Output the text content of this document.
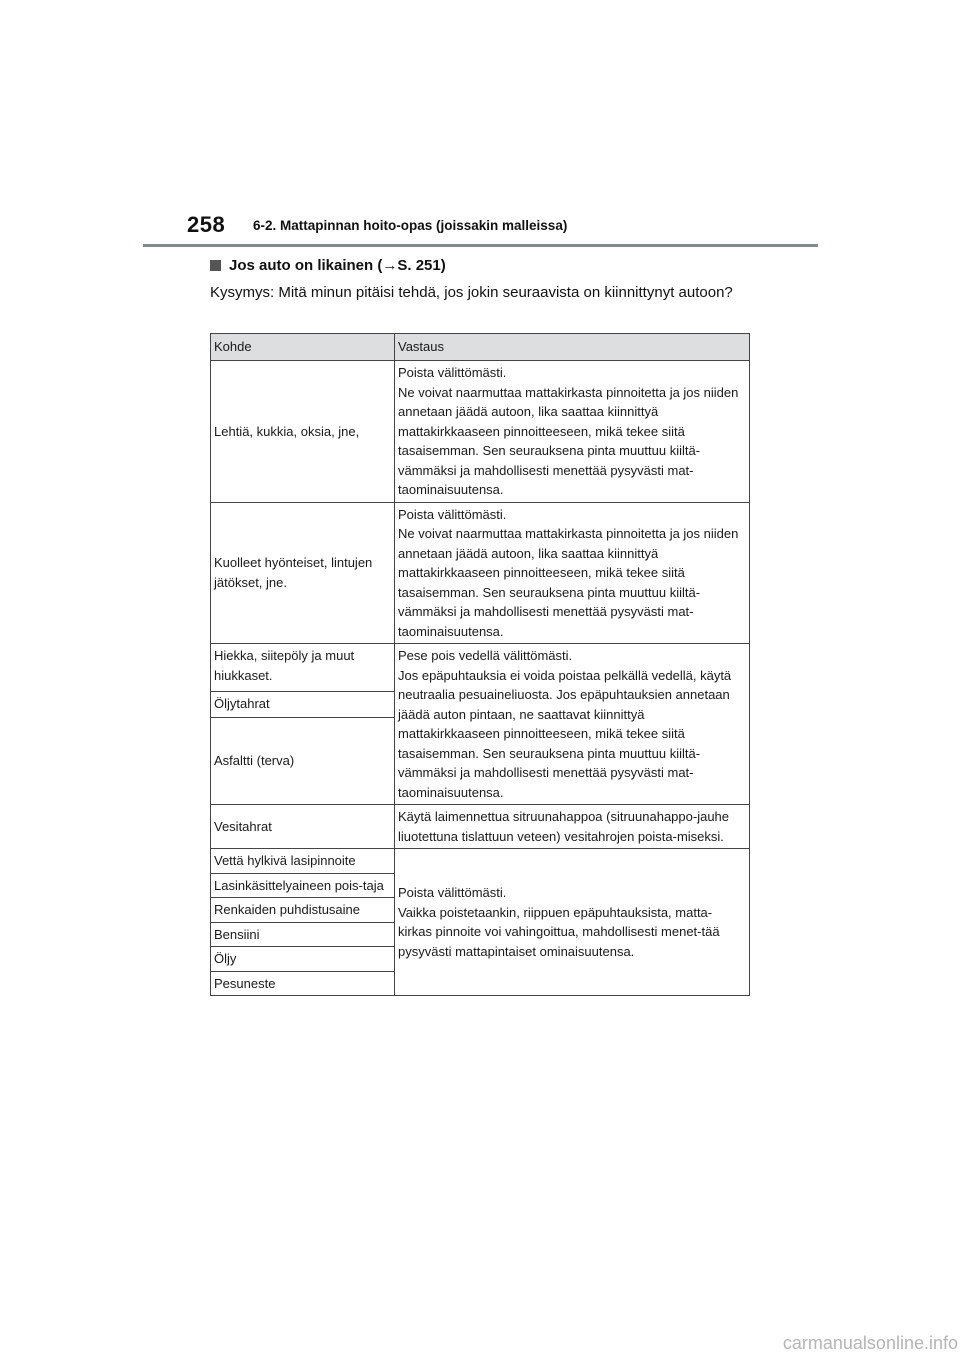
258 6-2. Mattapinnan hoito-opas (joissakin malleissa)
Jos auto on likainen (→S. 251)
Kysymys: Mitä minun pitäisi tehdä, jos jokin seuraavista on kiinnittynyt autoon?
Kohde	Vastaus
Lehtiä, kukkia, oksia, jne,	Poista välittömästi.
Ne voivat naarmuttaa mattakirkasta pinnoitetta ja jos niiden annetaan jäädä autoon, lika saattaa kiinnittyä mattakirkkaaseen pinnoitteeseen, mikä tekee siitä tasaisemman. Sen seurauksena pinta muuttuu kiiltä-vämmäksi ja mahdollisesti menettää pysyvästi mat-taominaisuutensa.

Kuolleet hyönteiset, lintujen jätökset, jne.	Poista välittömästi.
Ne voivat naarmuttaa mattakirkasta pinnoitetta ja jos niiden annetaan jäädä autoon, lika saattaa kiinnittyä mattakirkkaaseen pinnoitteeseen, mikä tekee siitä tasaisemman. Sen seurauksena pinta muuttuu kiiltä-vämmäksi ja mahdollisesti menettää pysyvästi mat-taominaisuutensa.

Hiekka, siitepöly ja muut hiukkaset.	Pese pois vedellä välittömästi.
Jos epäpuhtauksia ei voida poistaa pelkällä vedellä, käytä neutraalia pesuaineliuosta. Jos epäpuhtauksien annetaan jäädä auton pintaan, ne saattavat kiinnittyä mattakirkkaaseen pinnoitteeseen, mikä tekee siitä tasaisemman. Sen seurauksena pinta muuttuu kiiltä-vämmäksi ja mahdollisesti menettää pysyvästi mat-taominaisuutensa.

Öljytahrat	
Asfaltti (terva)	
Vesitahrat	Käytä laimennettua sitruunahappoa (sitruunahappo-jauhe liuotettuna tislattuun veteen) vesitahrojen poista-miseksi.
Vettä hylkivä lasipinnoite	Poista välittömästi.
Vaikka poistetaankin, riippuen epäpuhtauksista, matta-kirkas pinnoite voi vahingoittua, mahdollisesti menet-tää pysyvästi mattapintaiset ominaisuutensa.

Lasinkäsittelyaineen pois-taja	
Renkaiden puhdistusaine	
Bensiini	
Öljy	
Pesuneste	
carmanualsonline.info
